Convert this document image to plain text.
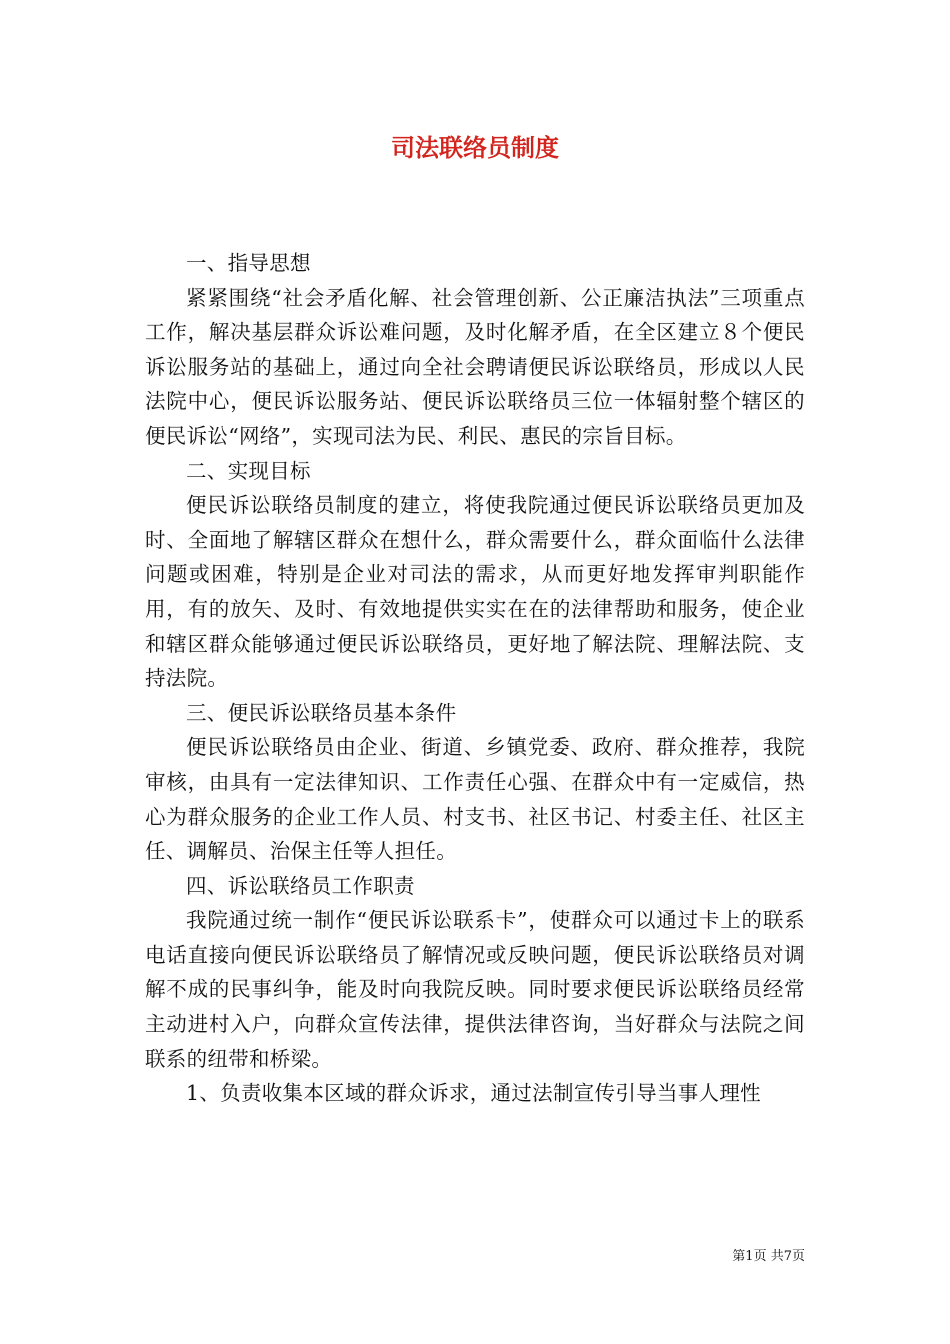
司法联络员制度

一、指导思想

紧紧围绕“社会矛盾化解、社会管理创新、公正廉洁执法”三项重点工作，解决基层群众诉讼难问题，及时化解矛盾，在全区建立８个便民诉讼服务站的基础上，通过向全社会聘请便民诉讼联络员，形成以人民法院中心，便民诉讼服务站、便民诉讼联络员三位一体辐射整个辖区的便民诉讼“网络”，实现司法为民、利民、惠民的宗旨目标。

二、实现目标

便民诉讼联络员制度的建立，将使我院通过便民诉讼联络员更加及时、全面地了解辖区群众在想什么，群众需要什么，群众面临什么法律问题或困难，特别是企业对司法的需求，从而更好地发挥审判职能作用，有的放矢、及时、有效地提供实实在在的法律帮助和服务，使企业和辖区群众能够通过便民诉讼联络员，更好地了解法院、理解法院、支持法院。

三、便民诉讼联络员基本条件

便民诉讼联络员由企业、街道、乡镇党委、政府、群众推荐，我院审核，由具有一定法律知识、工作责任心强、在群众中有一定威信，热心为群众服务的企业工作人员、村支书、社区书记、村委主任、社区主任、调解员、治保主任等人担任。

四、诉讼联络员工作职责

我院通过统一制作“便民诉讼联系卡”，使群众可以通过卡上的联系电话直接向便民诉讼联络员了解情况或反映问题，便民诉讼联络员对调解不成的民事纠争，能及时向我院反映。同时要求便民诉讼联络员经常主动进村入户，向群众宣传法律，提供法律咨询，当好群众与法院之间联系的纽带和桥梁。

1、负责收集本区域的群众诉求，通过法制宣传引导当事人理性

第1页 共7页
